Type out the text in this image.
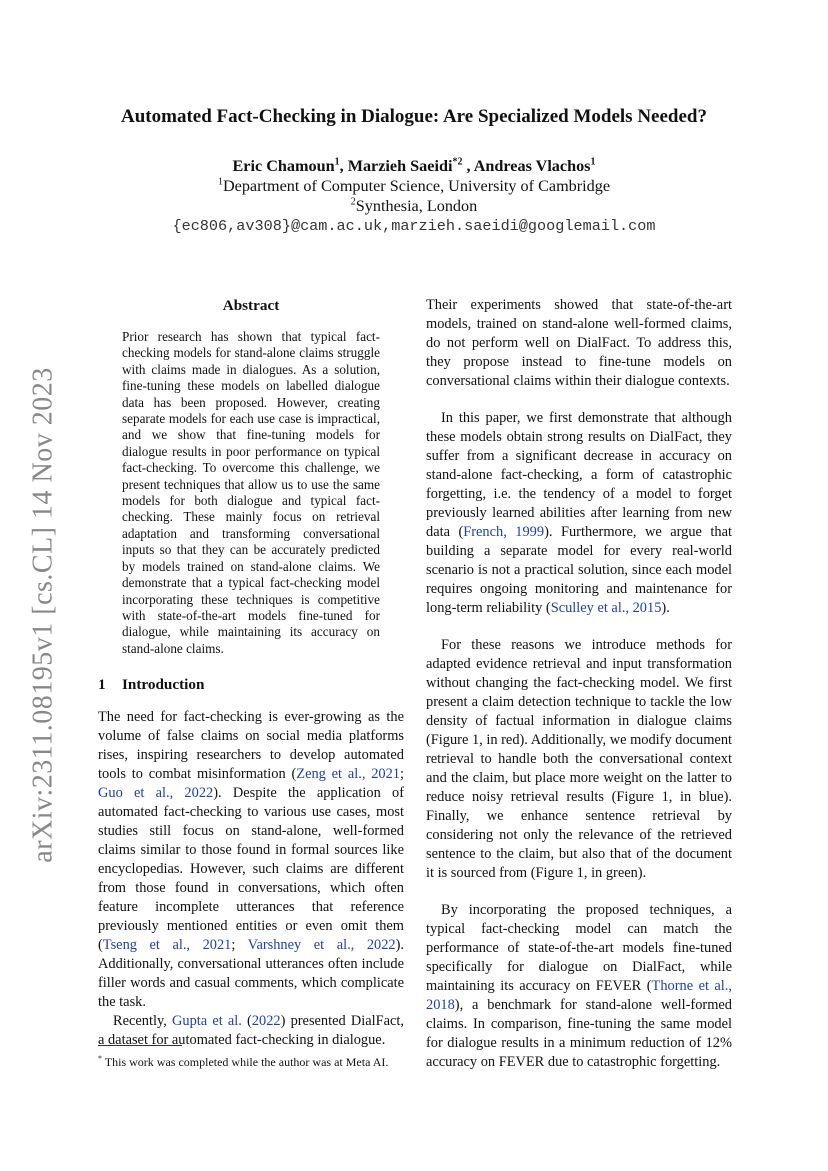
arXiv:2311.08195v1 [cs.CL] 14 Nov 2023
Automated Fact-Checking in Dialogue: Are Specialized Models Needed?
Eric Chamoun$^1$, Marzieh Saeidi$^{*2}$ , Andreas Vlachos$^1$
$^1$Department of Computer Science, University of Cambridge
$^2$Synthesia, London
{ec806,av308}@cam.ac.uk,marzieh.saeidi@googlemail.com
Abstract

Prior research has shown that typical fact-checking models for stand-alone claims struggle with claims made in dialogues. As a solution, fine-tuning these models on labelled dialogue data has been proposed. However, creating separate models for each use case is impractical, and we show that fine-tuning models for dialogue results in poor performance on typical fact-checking. To overcome this challenge, we present techniques that allow us to use the same models for both dialogue and typical fact-checking. These mainly focus on retrieval adaptation and transforming conversational inputs so that they can be accurately predicted by models trained on stand-alone claims. We demonstrate that a typical fact-checking model incorporating these techniques is competitive with state-of-the-art models fine-tuned for dialogue, while maintaining its accuracy on stand-alone claims.

1 Introduction

The need for fact-checking is ever-growing as the volume of false claims on social media platforms rises, inspiring researchers to develop automated tools to combat misinformation (Zeng et al., 2021; Guo et al., 2022). Despite the application of automated fact-checking to various use cases, most studies still focus on stand-alone, well-formed claims similar to those found in formal sources like encyclopedias. However, such claims are different from those found in conversations, which often feature incomplete utterances that reference previously mentioned entities or even omit them (Tseng et al., 2021; Varshney et al., 2022). Additionally, conversational utterances often include filler words and casual comments, which complicate the task.

Recently, Gupta et al. (2022) presented DialFact, a dataset for automated fact-checking in dialogue.

Their experiments showed that state-of-the-art models, trained on stand-alone well-formed claims, do not perform well on DialFact. To address this, they propose instead to fine-tune models on conversational claims within their dialogue contexts.

In this paper, we first demonstrate that although these models obtain strong results on DialFact, they suffer from a significant decrease in accuracy on stand-alone fact-checking, a form of catastrophic forgetting, i.e. the tendency of a model to forget previously learned abilities after learning from new data (French, 1999). Furthermore, we argue that building a separate model for every real-world scenario is not a practical solution, since each model requires ongoing monitoring and maintenance for long-term reliability (Sculley et al., 2015).

For these reasons we introduce methods for adapted evidence retrieval and input transformation without changing the fact-checking model. We first present a claim detection technique to tackle the low density of factual information in dialogue claims (Figure 1, in red). Additionally, we modify document retrieval to handle both the conversational context and the claim, but place more weight on the latter to reduce noisy retrieval results (Figure 1, in blue). Finally, we enhance sentence retrieval by considering not only the relevance of the retrieved sentence to the claim, but also that of the document it is sourced from (Figure 1, in green).

By incorporating the proposed techniques, a typical fact-checking model can match the performance of state-of-the-art models fine-tuned specifically for dialogue on DialFact, while maintaining its accuracy on FEVER (Thorne et al., 2018), a benchmark for stand-alone well-formed claims. In comparison, fine-tuning the same model for dialogue results in a minimum reduction of 12% accuracy on FEVER due to catastrophic forgetting.

* This work was completed while the author was at Meta AI.
